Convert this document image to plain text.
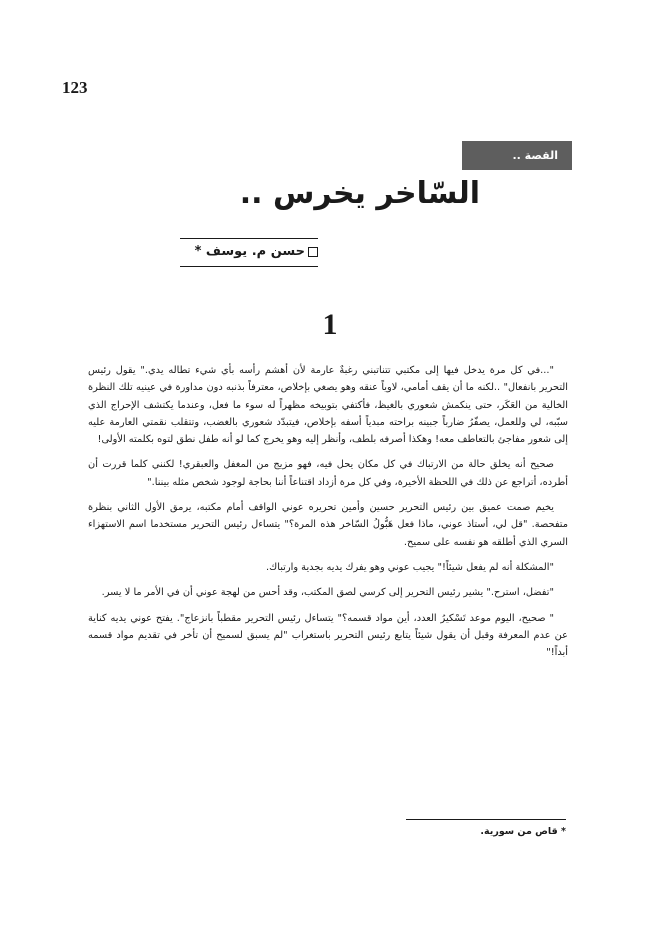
123
القصة ..
السّاخر يخرس ..
حسن م. يوسف *
1

"...في كل مرة يدخل فيها إلى مكتبي تتناتبني رغبةٌ عارمة لأن أهشم رأسه بأي شيء تطاله يدي." يقول رئيس التحرير بانفعال" ..لكنه ما أن يقف أمامي، لاوياً عنقه وهو يصغي بإخلاص، معترفاً بذنبه دون مداورة في عينيه تلك النظرة الخالية من العَكَر، حتى ينكمش شعوري بالغيظ، فأكتفي بتوبيخه مظهراً له سوء ما فعل، وعندما يكتشف الإحراج الذي سبّبه، لي وللعمل، يصفّرُ ضارباً جبينه براحته مبدياً أسفه بإخلاص، فيتبدّد شعوري بالغضب، وتتقلب نقمتي العارمة عليه إلى شعور مفاجئ بالتعاطف معه! وهكذا أصرفه بلطف، وأنظر إليه وهو يخرج كما لو أنه طفل نطق لتوه بكلمته الأولى!

صحيح أنه يخلق حالة من الارتباك في كل مكان يحل فيه، فهو مزيج من المغفل والعبقري! لكنني كلما قررت أن أطرده، أتراجع عن ذلك في اللحظة الأخيرة، وفي كل مرة أزداد اقتناعاً أننا بحاجة لوجود شخص مثله بيننا."

يخيم صمت عميق بين رئيس التحرير حسين وأمين تحريره عوني الواقف أمام مكتبه، يرمق الأول الثاني بنظرة متفحصة. "قل لي، أستاذ عوني، ماذا فعل هَبُّولُ السّاخر هذه المرة؟" يتساءل رئيس التحرير مستخدما اسم الاستهزاء السري الذي أطلقه هو نفسه على سميح.

"المشكلة أنه لم يفعل شيئاً!" يجيب عوني وهو يفرك يديه بجدية وارتباك.

"تفضل، استرح." يشير رئيس التحرير إلى كرسي لصق المكتب، وقد أحس من لهجة عوني أن في الأمر ما لا يسر.

" صحيح، اليوم موعد تَسْكيرُ العدد، أين مواد قسمه؟" يتساءل رئيس التحرير مقطباً بانزعاج". يفتح عوني يديه كناية عن عدم المعرفة وقبل أن يقول شيئاً يتابع رئيس التحرير باستغراب "لم يسبق لسميح أن تأخر في تقديم مواد قسمه أبداً!"

* قاص من سورية.
